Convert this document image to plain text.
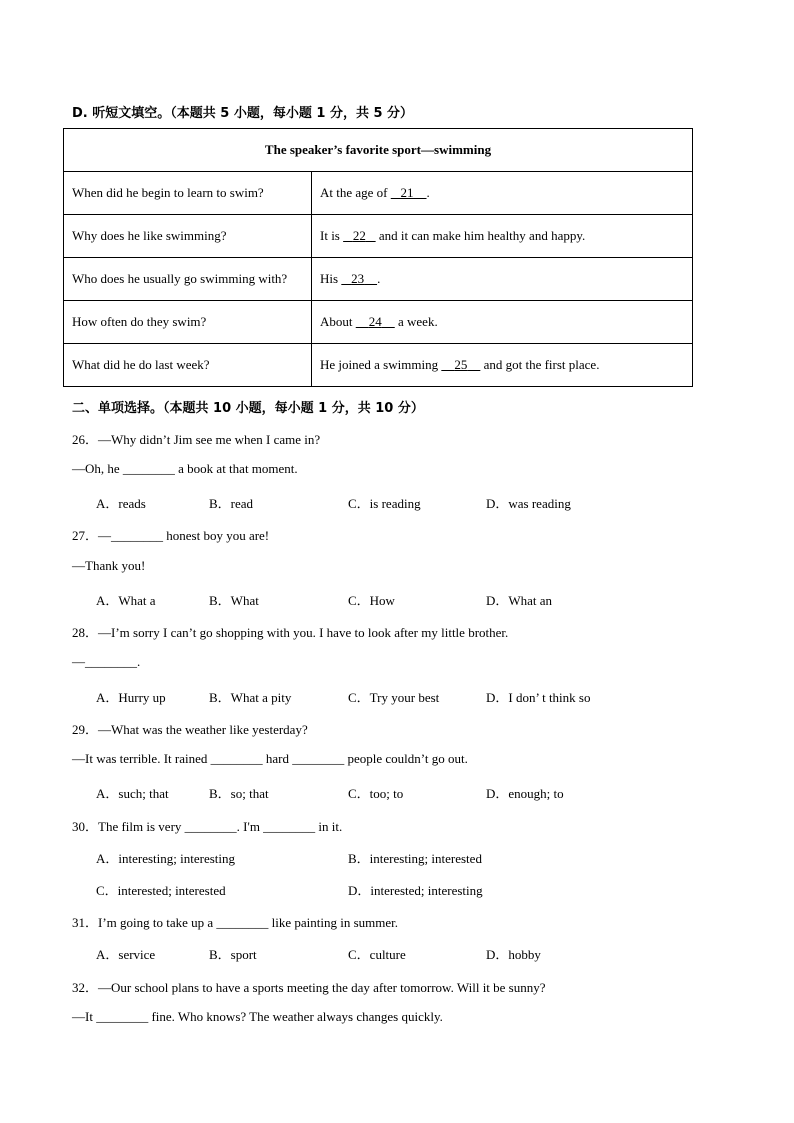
D. 听短文填空。（本题共 5 小题，每小题 1 分，共 5 分）
The speaker’s favorite sport—swimming	
When did he begin to learn to swim?	At the age of 21 .
Why does he like swimming?	It is 22 and it can make him healthy and happy.
Who does he usually go swimming with?	His 23 .
How often do they swim?	About 24 a week.
What did he do last week?	He joined a swimming 25 and got the first place.
二、单项选择。（本题共 10 小题，每小题 1 分，共 10 分）
26．—Why didn’t Jim see me when I came in?
—Oh, he ________ a book at that moment.
A．reads	B．read	C．is reading	D．was reading
27．—________ honest boy you are!
—Thank you!
A．What a	B．What	C．How	D．What an
28．—I’m sorry I can’t go shopping with you. I have to look after my little brother.
—________.
A．Hurry up	B．What a pity	C．Try your best	D．I don’ t think so
29．—What was the weather like yesterday?
—It was terrible. It rained ________ hard ________ people couldn’t go out.
A．such; that	B．so; that	C．too; to	D．enough; to
30．The film is very ________. I'm ________ in it.
A．interesting; interesting	B．interesting; interested
C．interested; interested	D．interested; interesting
31．I’m going to take up a ________ like painting in summer.
A．service	B．sport	C．culture	D．hobby
32．—Our school plans to have a sports meeting the day after tomorrow. Will it be sunny?
—It ________ fine. Who knows? The weather always changes quickly.
